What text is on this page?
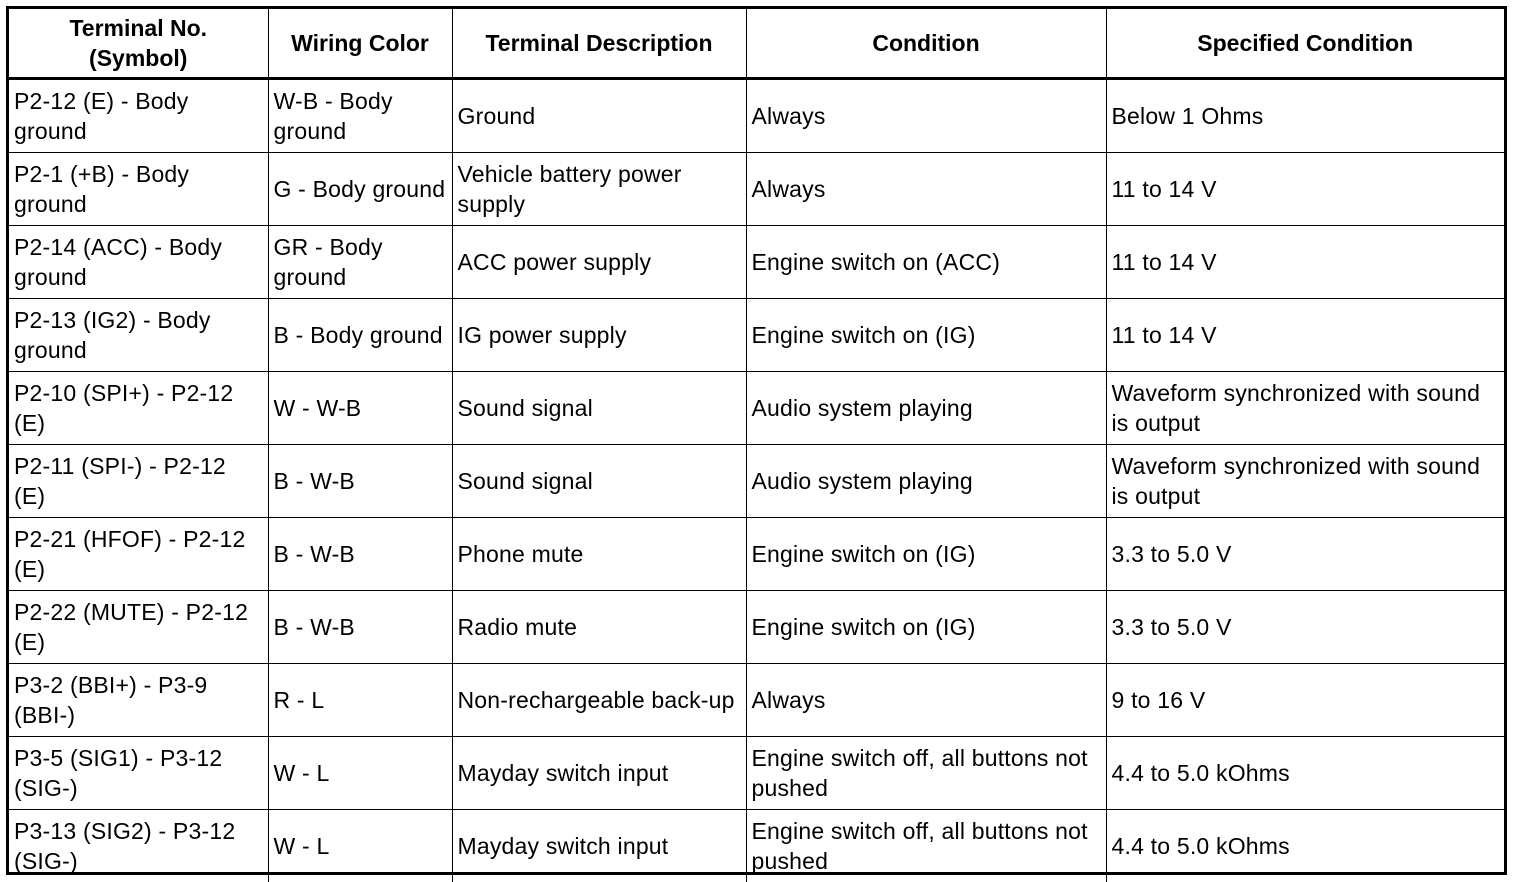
Terminal No.
(Symbol)	Wiring Color	Terminal Description	Condition	Specified Condition
P2-12 (E) - Body ground	W-B - Body ground	Ground	Always	Below 1 Ohms
P2-1 (+B) - Body ground	G - Body ground	Vehicle battery power supply	Always	11 to 14 V
P2-14 (ACC) - Body ground	GR - Body ground	ACC power supply	Engine switch on (ACC)	11 to 14 V
P2-13 (IG2) - Body ground	B - Body ground	IG power supply	Engine switch on (IG)	11 to 14 V
P2-10 (SPI+) - P2-12 (E)	W - W-B	Sound signal	Audio system playing	Waveform synchronized with sound is output
P2-11 (SPI-) - P2-12 (E)	B - W-B	Sound signal	Audio system playing	Waveform synchronized with sound is output
P2-21 (HFOF) - P2-12 (E)	B - W-B	Phone mute	Engine switch on (IG)	3.3 to 5.0 V
P2-22 (MUTE) - P2-12 (E)	B - W-B	Radio mute	Engine switch on (IG)	3.3 to 5.0 V
P3-2 (BBI+) - P3-9 (BBI-)	R - L	Non-rechargeable back-up	Always	9 to 16 V
P3-5 (SIG1) - P3-12 (SIG-)	W - L	Mayday switch input	Engine switch off, all buttons not pushed	4.4 to 5.0 kOhms
P3-13 (SIG2) - P3-12 (SIG-)	W - L	Mayday switch input	Engine switch off, all buttons not pushed	4.4 to 5.0 kOhms
